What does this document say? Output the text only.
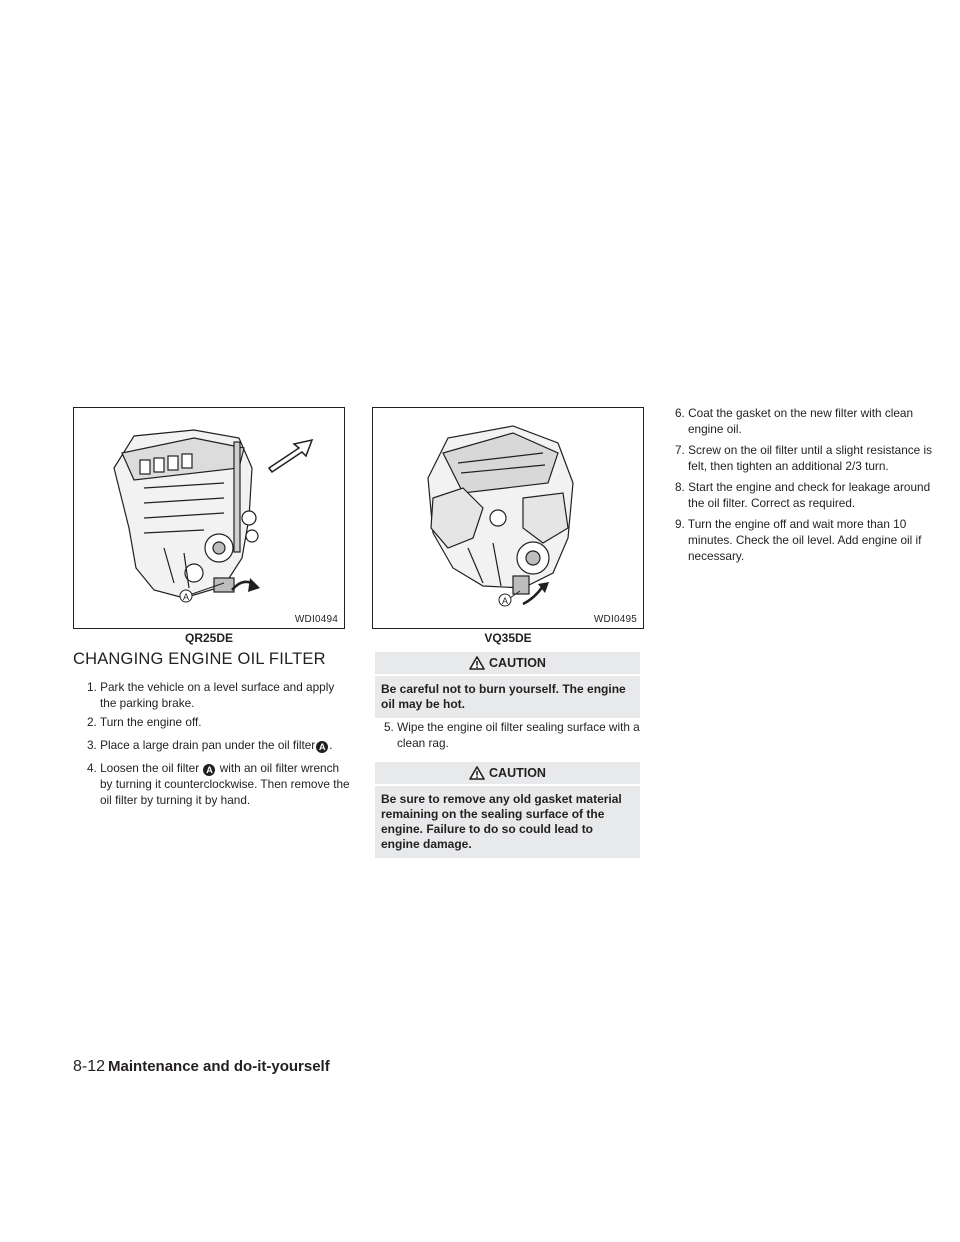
A
WDI0494
QR25DE
A
WDI0495
VQ35DE
CHANGING ENGINE OIL FILTER
1. Park the vehicle on a level surface and apply the parking brake.
2. Turn the engine off.
3. Place a large drain pan under the oil filter A .
4. Loosen the oil filter A with an oil filter wrench by turning it counterclockwise. Then remove the oil filter by turning it by hand.
CAUTION
Be careful not to burn yourself. The engine oil may be hot.
5. Wipe the engine oil filter sealing surface with a clean rag.
CAUTION
Be sure to remove any old gasket material remaining on the sealing surface of the engine. Failure to do so could lead to engine damage.
6. Coat the gasket on the new filter with clean engine oil.
7. Screw on the oil filter until a slight resistance is felt, then tighten an additional 2/3 turn.
8. Start the engine and check for leakage around the oil filter. Correct as required.
9. Turn the engine off and wait more than 10 minutes. Check the oil level. Add engine oil if necessary.
8-12 Maintenance and do-it-yourself
